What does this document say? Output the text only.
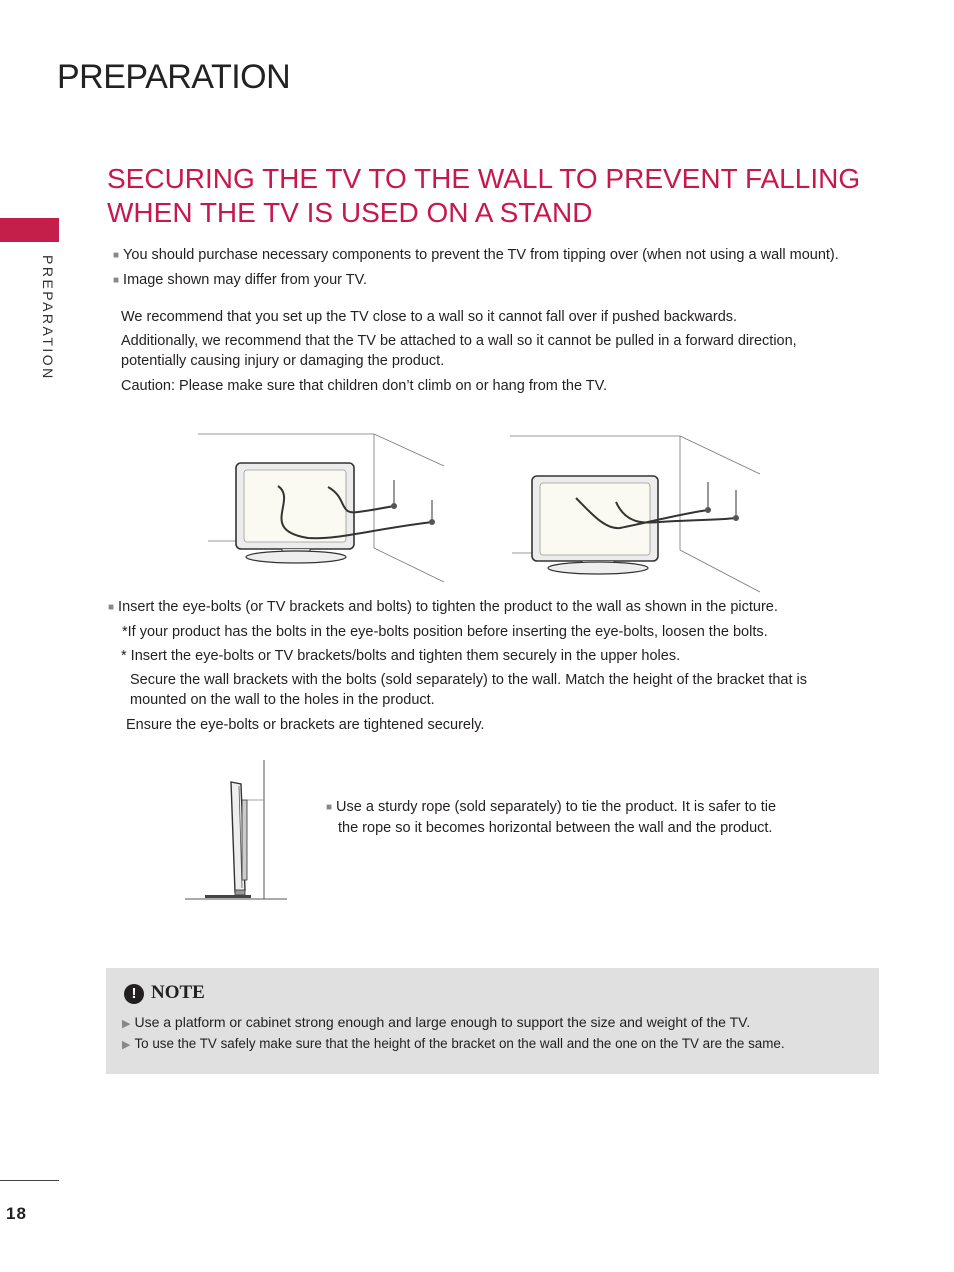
PREPARATION
PREPARATION
SECURING THE TV TO THE WALL TO PREVENT FALLING
WHEN THE TV IS USED ON A STAND

■ You should purchase necessary components to prevent the TV from tipping over (when not using a wall mount).

■ Image shown may differ from your TV.

We recommend that you set up the TV close to a wall so it cannot fall over if pushed backwards.

Additionally, we recommend that the TV be attached to a wall so it cannot be pulled in a forward direction,
potentially causing injury or damaging the product.

Caution: Please make sure that children don’t climb on or hang from the TV.

■ Insert the eye-bolts (or TV brackets and bolts) to tighten the product to the wall as shown in the picture.

*If your product has the bolts in the eye-bolts position before inserting the eye-bolts, loosen the bolts.

* Insert the eye-bolts or TV brackets/bolts and tighten them securely in the upper holes.

Secure the wall brackets with the bolts (sold separately) to the wall. Match the height of the bracket that is
mounted on the wall to the holes in the product.

Ensure the eye-bolts or brackets are tightened securely.

■ Use a sturdy rope (sold separately) to tie the product. It is safer to tie

the rope so it becomes horizontal between the wall and the product.

! NOTE
▶ Use a platform or cabinet strong enough and large enough to support the size and weight of the TV.
▶ To use the TV safely make sure that the height of the bracket on the wall and the one on the TV are the same.
18
